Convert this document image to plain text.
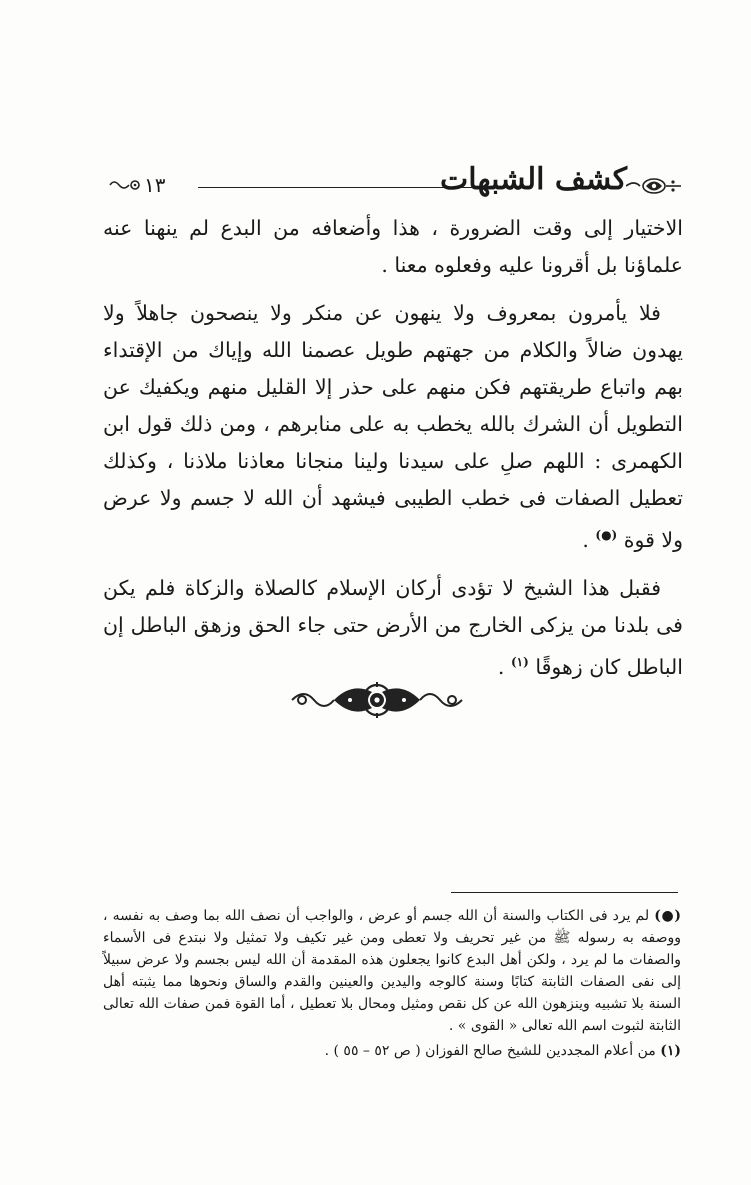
١٣	كشف الشبهات

الاختيار إلى وقت الضرورة ، هذا وأضعافه من البدع لم ينهنا عنه علماؤنا بل أقرونا عليه وفعلوه معنا .

فلا يأمرون بمعروف ولا ينهون عن منكر ولا ينصحون جاهلاً ولا يهدون ضالاً والكلام من جهتهم طويل عصمنا الله وإياك من الإقتداء بهم واتباع طريقتهم فكن منهم على حذر إلا القليل منهم ويكفيك عن التطويل أن الشرك بالله يخطب به على منابرهم ، ومن ذلك قول ابن الكهمرى : اللهم صلِ على سيدنا ولينا منجانا معاذنا ملاذنا ، وكذلك تعطيل الصفات فى خطب الطيبى فيشهد أن الله لا جسم ولا عرض ولا قوة (●) .

فقبل هذا الشيخ لا تؤدى أركان الإسلام كالصلاة والزكاة فلم يكن فى بلدنا من يزكى الخارج من الأرض حتى جاء الحق وزهق الباطل إن الباطل كان زهوقًا $^{(١)}$ .

(●) لم يرد فى الكتاب والسنة أن الله جسم أو عرض ، والواجب أن نصف الله بما وصف به نفسه ، ووصفه به رسوله ﷺ من غير تحريف ولا تعطى ومن غير تكيف ولا تمثيل ولا نبتدع فى الأسماء والصفات ما لم يرد ، ولكن أهل البدع كانوا يجعلون هذه المقدمة أن الله ليس بجسم ولا عرض سبيلاً إلى نفى الصفات الثابتة كتابًا وسنة كالوجه واليدين والعينين والقدم والساق ونحوها مما يثبته أهل السنة بلا تشبيه وينزهون الله عن كل نقص ومثيل ومحال بلا تعطيل ، أما القوة فمن صفات الله تعالى الثابتة لثبوت اسم الله تعالى « القوى » .

(١) من أعلام المجددين للشيخ صالح الفوزان ( ص ٥٢ – ٥٥ ) .
